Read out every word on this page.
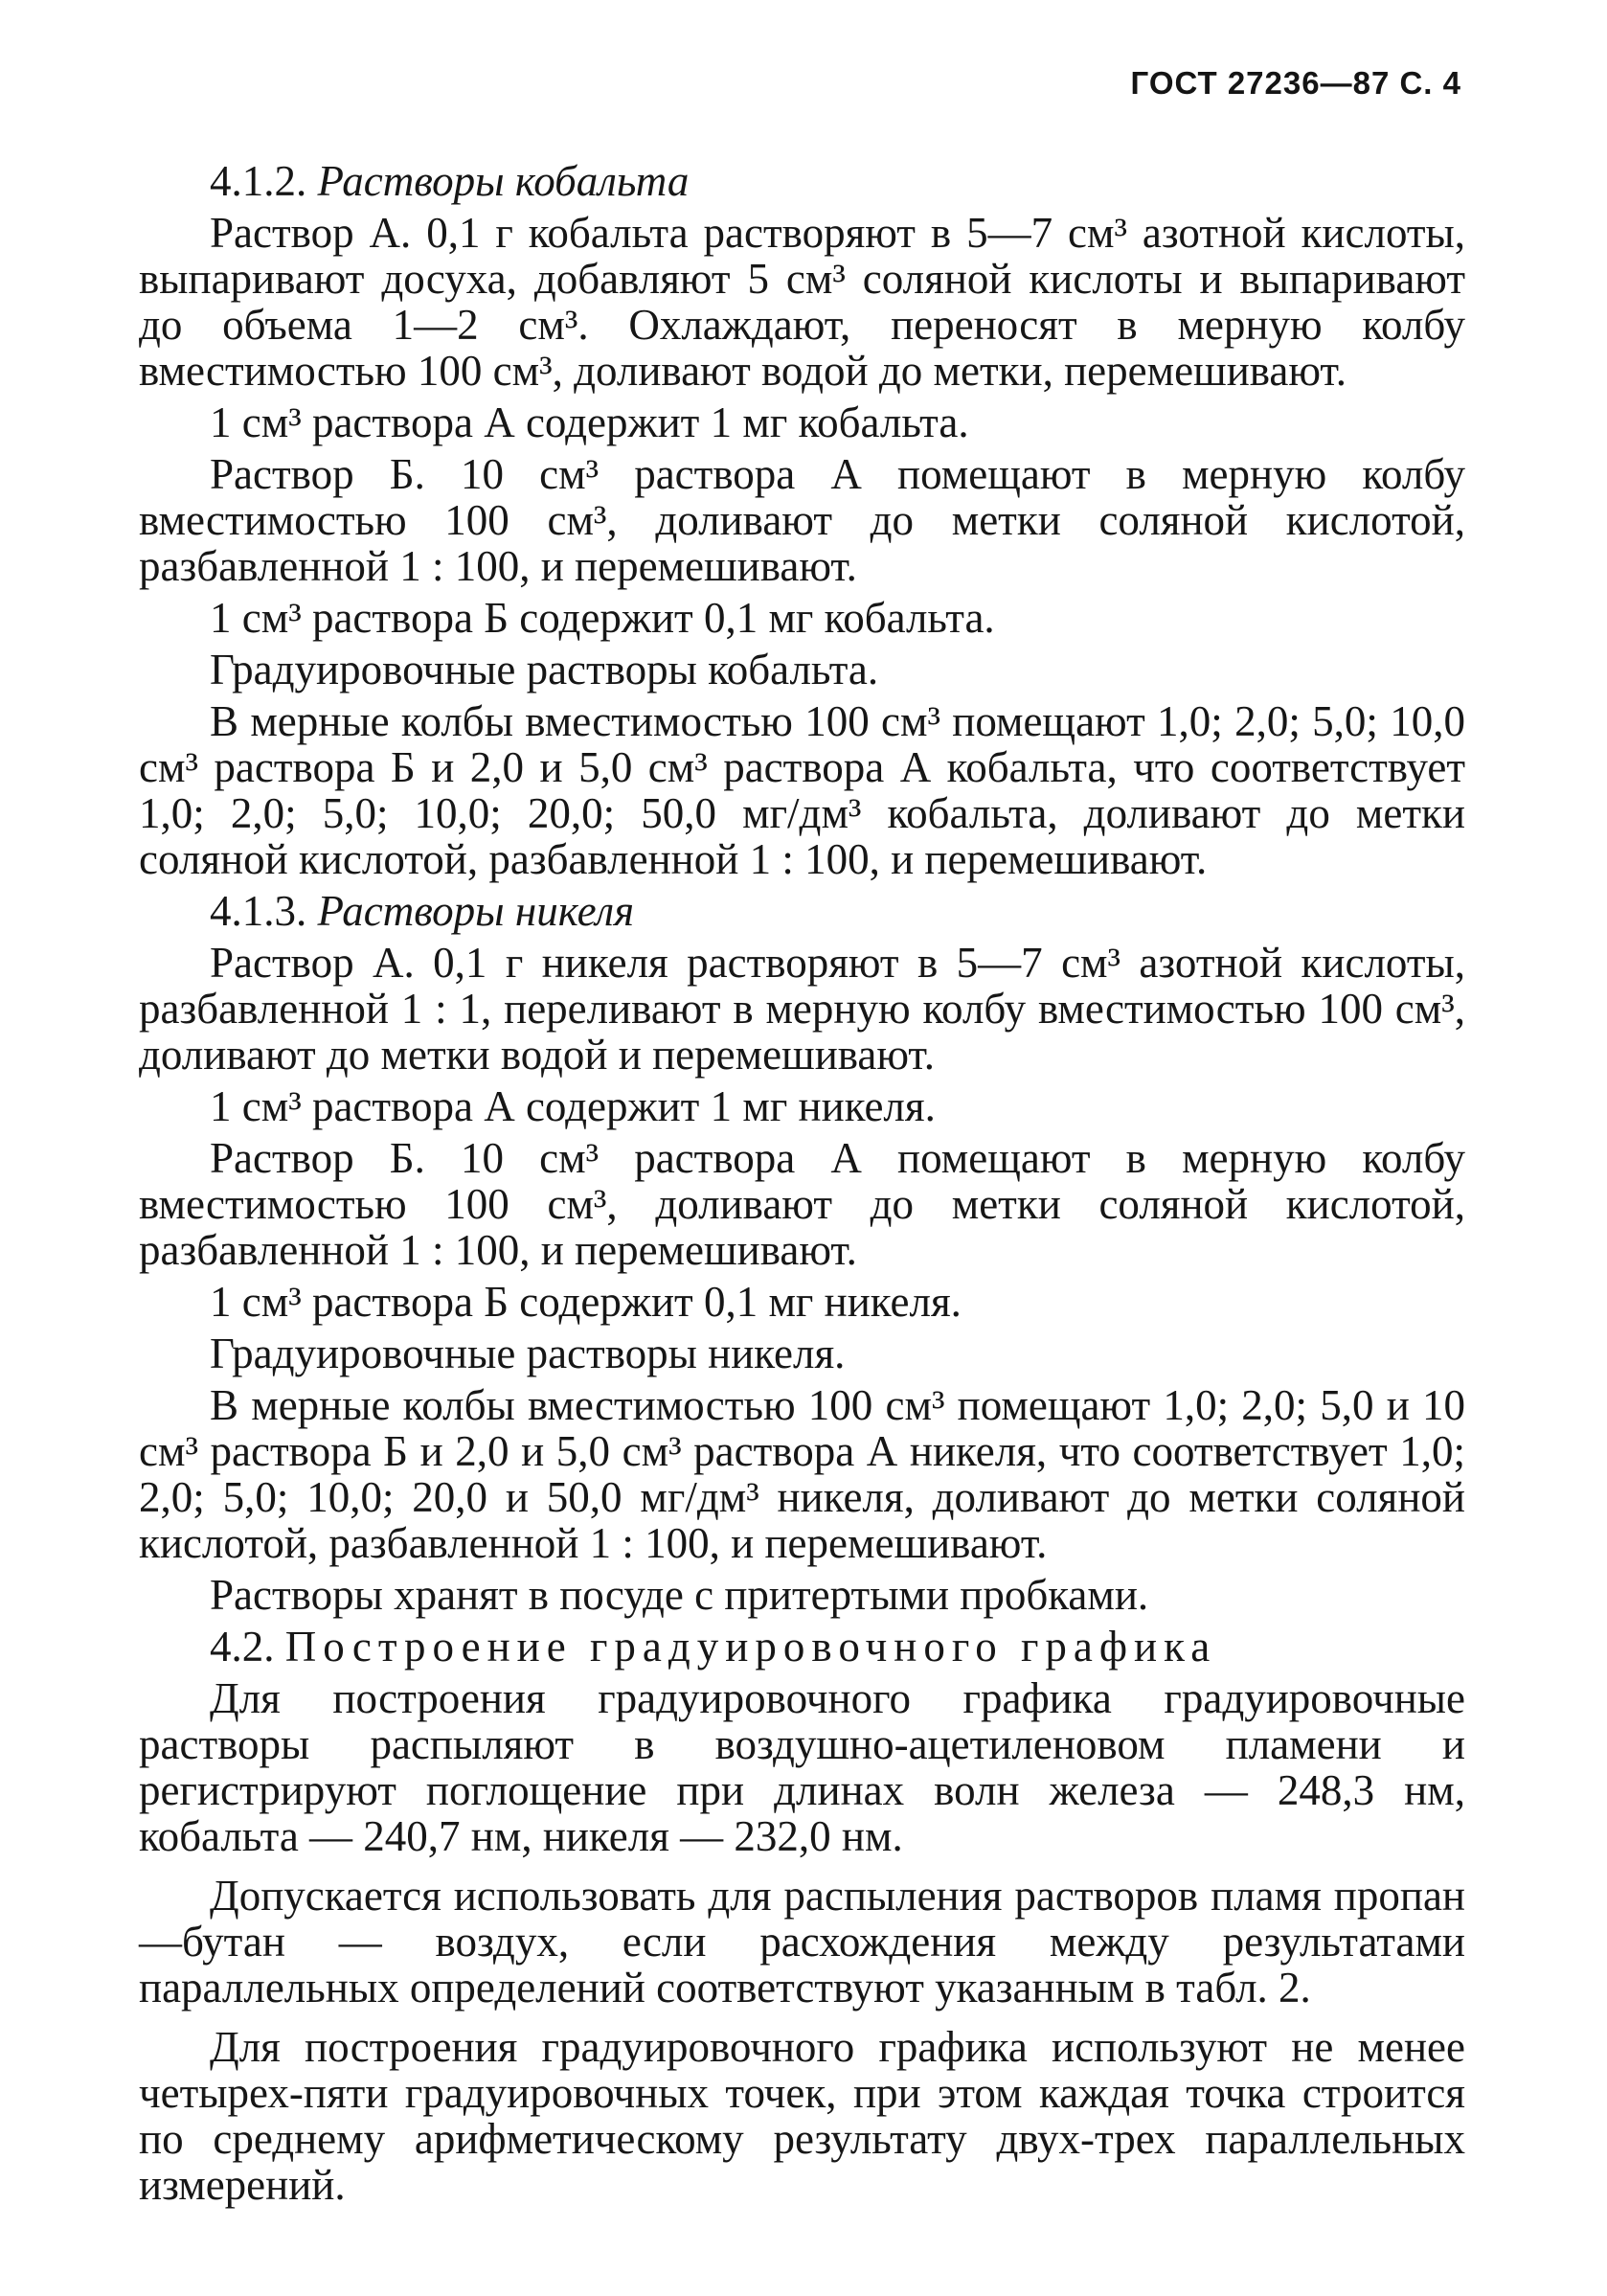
ГОСТ 27236—87 С. 4

4.1.2. Растворы кобальта

Раствор А. 0,1 г кобальта растворяют в 5—7 см³ азотной кислоты, выпаривают досуха, добавляют 5 см³ соляной кислоты и выпаривают до объема 1—2 см³. Охлаждают, переносят в мерную колбу вместимостью 100 см³, доливают водой до метки, перемешивают.

1 см³ раствора А содержит 1 мг кобальта.

Раствор Б. 10 см³ раствора А помещают в мерную колбу вместимостью 100 см³, доливают до метки соляной кислотой, разбавленной 1 : 100, и перемешивают.

1 см³ раствора Б содержит 0,1 мг кобальта.

Градуировочные растворы кобальта.

В мерные колбы вместимостью 100 см³ помещают 1,0; 2,0; 5,0; 10,0 см³ раствора Б и 2,0 и 5,0 см³ раствора А кобальта, что соответствует 1,0; 2,0; 5,0; 10,0; 20,0; 50,0 мг/дм³ кобальта, доливают до метки соляной кислотой, разбавленной 1 : 100, и перемешивают.

4.1.3. Растворы никеля

Раствор А. 0,1 г никеля растворяют в 5—7 см³ азотной кислоты, разбавленной 1 : 1, переливают в мерную колбу вместимостью 100 см³, доливают до метки водой и перемешивают.

1 см³ раствора А содержит 1 мг никеля.

Раствор Б. 10 см³ раствора А помещают в мерную колбу вместимостью 100 см³, доливают до метки соляной кислотой, разбавленной 1 : 100, и перемешивают.

1 см³ раствора Б содержит 0,1 мг никеля.

Градуировочные растворы никеля.

В мерные колбы вместимостью 100 см³ помещают 1,0; 2,0; 5,0 и 10 см³ раствора Б и 2,0 и 5,0 см³ раствора А никеля, что соответствует 1,0; 2,0; 5,0; 10,0; 20,0 и 50,0 мг/дм³ никеля, доливают до метки соляной кислотой, разбавленной 1 : 100, и перемешивают.

Растворы хранят в посуде с притертыми пробками.

4.2. Построение градуировочного графика

Для построения градуировочного графика градуировочные растворы распыляют в воздушно-ацетиленовом пламени и регистрируют поглощение при длинах волн железа — 248,3 нм, кобальта — 240,7 нм, никеля — 232,0 нм.

Допускается использовать для распыления растворов пламя пропан—бутан — воздух, если расхождения между результатами параллельных определений соответствуют указанным в табл. 2.

Для построения градуировочного графика используют не менее четырех-пяти градуировочных точек, при этом каждая точка строится по среднему арифметическому результату двух-трех параллельных измерений.
